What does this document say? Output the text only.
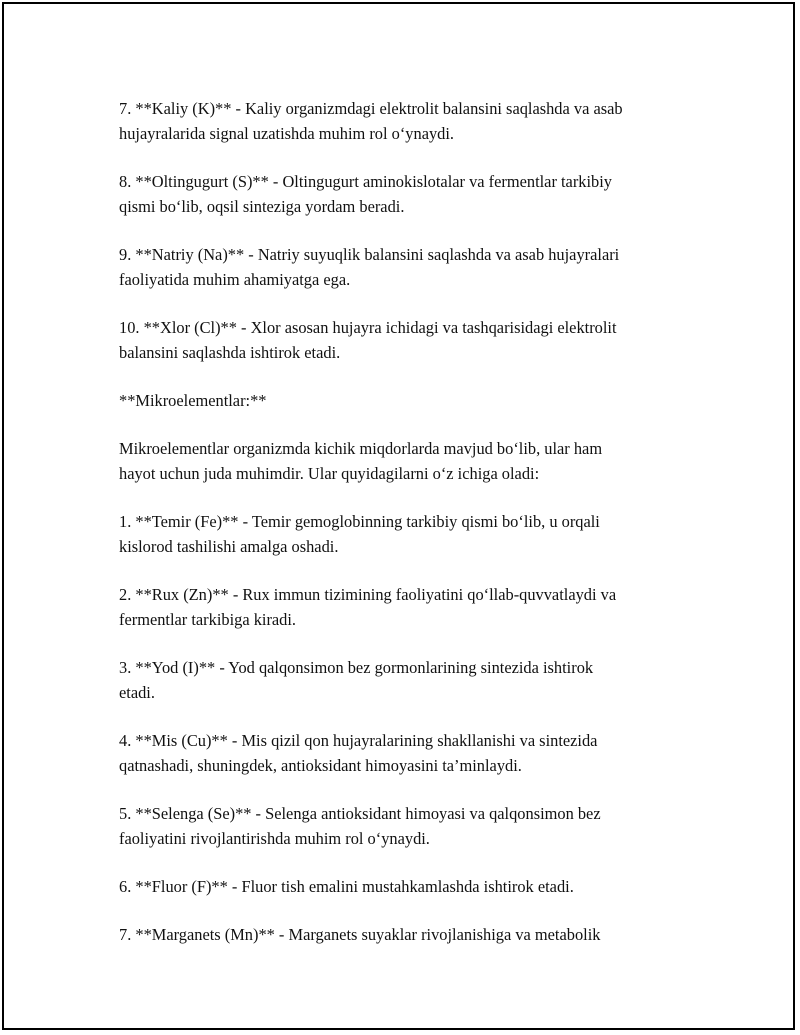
7. **Kaliy (K)** - Kaliy organizmdagi elektrolit balansini saqlashda va asab
hujayralarida signal uzatishda muhim rol o‘ynaydi.

8. **Oltingugurt (S)** - Oltingugurt aminokislotalar va fermentlar tarkibiy
qismi bo‘lib, oqsil sinteziga yordam beradi.

9. **Natriy (Na)** - Natriy suyuqlik balansini saqlashda va asab hujayralari
faoliyatida muhim ahamiyatga ega.

10. **Xlor (Cl)** - Xlor asosan hujayra ichidagi va tashqarisidagi elektrolit
balansini saqlashda ishtirok etadi.

**Mikroelementlar:**

Mikroelementlar organizmda kichik miqdorlarda mavjud bo‘lib, ular ham
hayot uchun juda muhimdir. Ular quyidagilarni o‘z ichiga oladi:

1. **Temir (Fe)** - Temir gemoglobinning tarkibiy qismi bo‘lib, u orqali
kislorod tashilishi amalga oshadi.

2. **Rux (Zn)** - Rux immun tizimining faoliyatini qo‘llab-quvvatlaydi va
fermentlar tarkibiga kiradi.

3. **Yod (I)** - Yod qalqonsimon bez gormonlarining sintezida ishtirok
etadi.

4. **Mis (Cu)** - Mis qizil qon hujayralarining shakllanishi va sintezida
qatnashadi, shuningdek, antioksidant himoyasini ta’minlaydi.

5. **Selenga (Se)** - Selenga antioksidant himoyasi va qalqonsimon bez
faoliyatini rivojlantirishda muhim rol o‘ynaydi.

6. **Fluor (F)** - Fluor tish emalini mustahkamlashda ishtirok etadi.

7. **Marganets (Mn)** - Marganets suyaklar rivojlanishiga va metabolik
